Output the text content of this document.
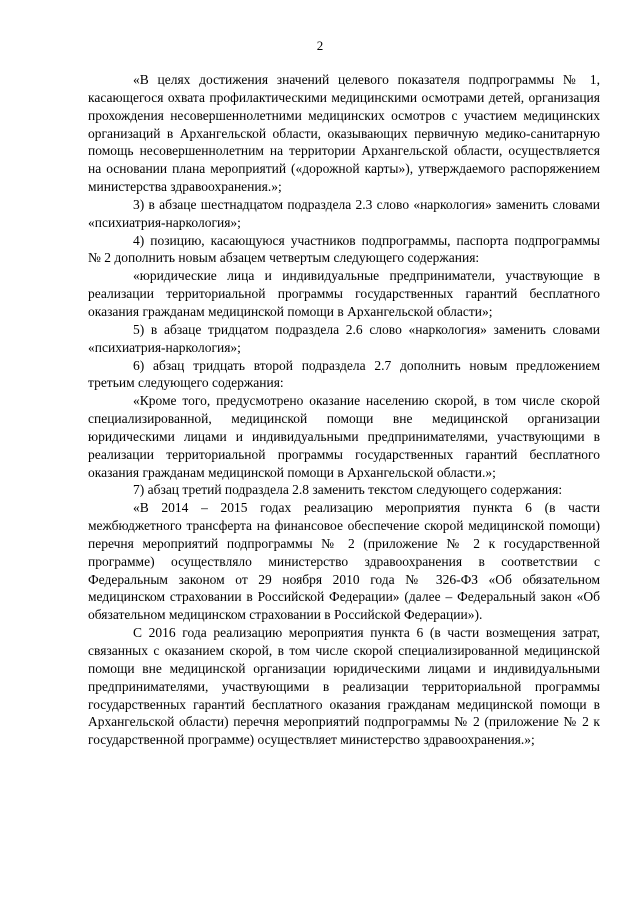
2

«В целях достижения значений целевого показателя подпрограммы № 1, касающегося охвата профилактическими медицинскими осмотрами детей, организация прохождения несовершеннолетними медицинских осмотров с участием медицинских организаций в Архангельской области, оказывающих первичную медико-санитарную помощь несовершеннолетним на территории Архангельской области, осуществляется на основании плана мероприятий («дорожной карты»), утверждаемого распоряжением министерства здравоохранения.»;

3) в абзаце шестнадцатом подраздела 2.3 слово «наркология» заменить словами «психиатрия-наркология»;

4) позицию, касающуюся участников подпрограммы, паспорта подпрограммы № 2 дополнить новым абзацем четвертым следующего содержания:

«юридические лица и индивидуальные предприниматели, участвующие в реализации территориальной программы государственных гарантий бесплатного оказания гражданам медицинской помощи в Архангельской области»;

5) в абзаце тридцатом подраздела 2.6 слово «наркология» заменить словами «психиатрия-наркология»;

6) абзац тридцать второй подраздела 2.7 дополнить новым предложением третьим следующего содержания:

«Кроме того, предусмотрено оказание населению скорой, в том числе скорой специализированной, медицинской помощи вне медицинской организации юридическими лицами и индивидуальными предпринимателями, участвующими в реализации территориальной программы государственных гарантий бесплатного оказания гражданам медицинской помощи в Архангельской области.»;

7) абзац третий подраздела 2.8 заменить текстом следующего содержания:

«В 2014 – 2015 годах реализацию мероприятия пункта 6 (в части межбюджетного трансферта на финансовое обеспечение скорой медицинской помощи) перечня мероприятий подпрограммы № 2 (приложение № 2 к государственной программе) осуществляло министерство здравоохранения в соответствии с Федеральным законом от 29 ноября 2010 года № 326-ФЗ «Об обязательном медицинском страховании в Российской Федерации» (далее – Федеральный закон «Об обязательном медицинском страховании в Российской Федерации»).

С 2016 года реализацию мероприятия пункта 6 (в части возмещения затрат, связанных с оказанием скорой, в том числе скорой специализированной медицинской помощи вне медицинской организации юридическими лицами и индивидуальными предпринимателями, участвующими в реализации территориальной программы государственных гарантий бесплатного оказания гражданам медицинской помощи в Архангельской области) перечня мероприятий подпрограммы № 2 (приложение № 2 к государственной программе) осуществляет министерство здравоохранения.»;
